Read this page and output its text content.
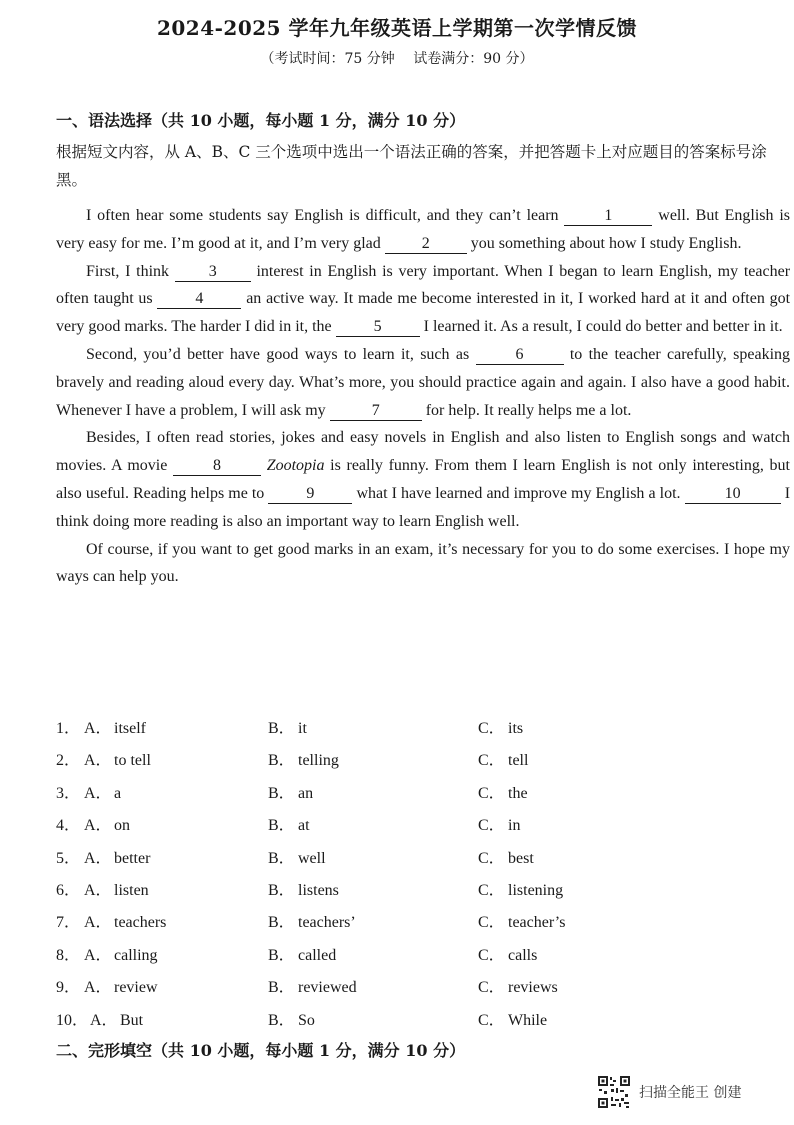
2024-2025 学年九年级英语上学期第一次学情反馈
（考试时间：75 分钟　 试卷满分：90 分）
一、语法选择（共 10 小题，每小题 1 分，满分 10 分）
根据短文内容，从 A、B、C 三个选项中选出一个语法正确的答案，并把答题卡上对应题目的答案标号涂黑。

I often hear some students say English is difficult, and they can’t learn	1	well. But English is very easy for me. I’m good at it, and I’m very glad	2	you something about how I study English.

First, I think 3 interest in English is very important. When I began to learn English, my teacher often taught us	4	an active way. It made me become interested in it, I worked hard at it and often got very good marks. The harder I did in it, the	5	I learned it. As a result, I could do better and better in it.

Second, you’d better have good ways to learn it, such as	6	to the teacher carefully, speaking bravely and reading aloud every day. What’s more, you should practice again and again. I also have a good habit. Whenever I have a problem, I will ask my	7	for help. It really helps me a lot.

Besides, I often read stories, jokes and easy novels in English and also listen to English songs and watch movies. A movie	8	Zootopia is really funny. From them I learn English is not only interesting, but also useful. Reading helps me to	9	what I have learned and improve my English a lot.	10	I think doing more reading is also an important way to learn English well.

Of course, if you want to get good marks in an exam, it’s necessary for you to do some exercises. I hope my ways can help you.

1． A． itself	B． it	C． its
2． A． to tell	B． telling	C． tell
3． A． a	B． an	C． the
4． A． on	B． at	C． in
5． A． better	B． well	C． best
6． A． listen	B． listens	C． listening
7． A． teachers	B． teachers’	C． teacher’s
8． A． calling	B． called	C． calls
9． A． review	B． reviewed	C． reviews
10． A． But	B． So	C． While
二、完形填空（共 10 小题，每小题 1 分，满分 10 分）
扫描全能王 创建
